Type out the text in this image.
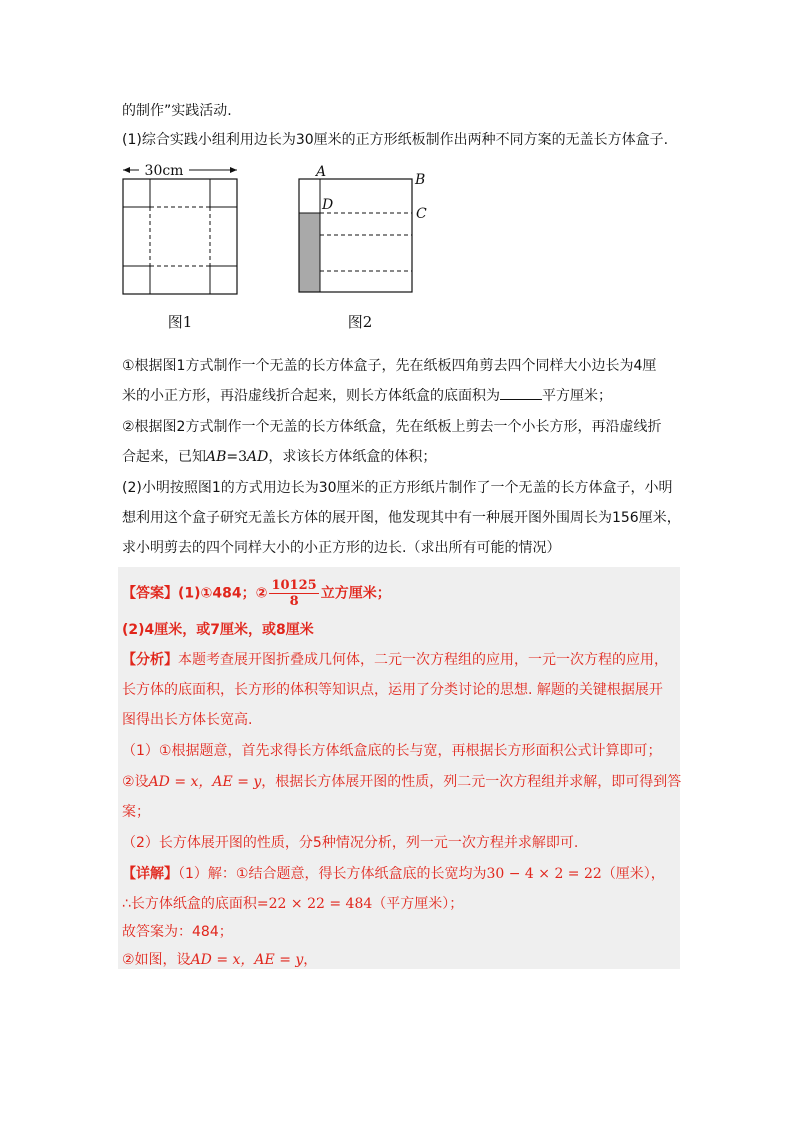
的制作”实践活动.
(1)综合实践小组利用边长为30厘米的正方形纸板制作出两种不同方案的无盖长方体盒子.
30cm
图1
A	B
D
C
图2
①根据图1方式制作一个无盖的长方体盒子，先在纸板四角剪去四个同样大小边长为4厘
米的小正方形，再沿虚线折合起来，则长方体纸盒的底面积为	平方厘米；
②根据图2方式制作一个无盖的长方体纸盒，先在纸板上剪去一个小长方形，再沿虚线折
合起来，已知AB=3AD，求该长方体纸盒的体积；
(2)小明按照图1的方式用边长为30厘米的正方形纸片制作了一个无盖的长方体盒子，小明
想利用这个盒子研究无盖长方体的展开图，他发现其中有一种展开图外围周长为156厘米，
求小明剪去的四个同样大小的小正方形的边长.（求出所有可能的情况）
【答案】(1)①484；② $\frac{10125}{8}$ 立方厘米；
(2)4厘米，或7厘米，或8厘米
【分析】本题考查展开图折叠成几何体，二元一次方程组的应用，一元一次方程的应用，
长方体的底面积，长方形的体积等知识点，运用了分类讨论的思想. 解题的关键根据展开
图得出长方体长宽高.
（1）①根据题意，首先求得长方体纸盒底的长与宽，再根据长方形面积公式计算即可；
②设AD = x，AE = y，根据长方体展开图的性质，列二元一次方程组并求解，即可得到答
案；
（2）长方体展开图的性质，分5种情况分析，列一元一次方程并求解即可.
【详解】（1）解：①结合题意，得长方体纸盒底的长宽均为30 − 4 × 2 = 22（厘米），
∴长方体纸盒的底面积=22 × 22 = 484（平方厘米）；
故答案为：484；
②如图，设AD = x，AE = y，
